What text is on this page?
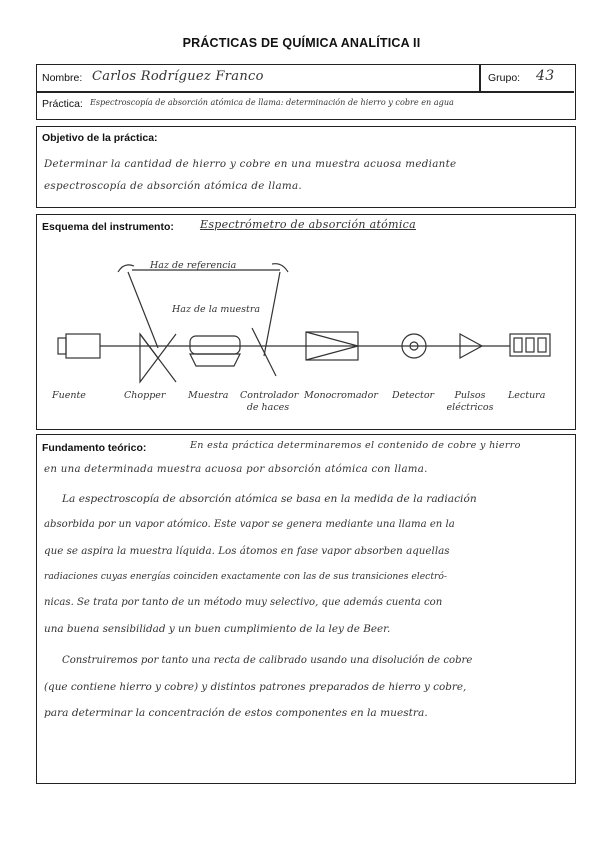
PRÁCTICAS DE QUÍMICA ANALÍTICA II
Nombre: Carlos Rodríguez Franco	Grupo: 43
Práctica: Espectroscopía de absorción atómica de llama: determinación de hierro y cobre en agua
Objetivo de la práctica:
Determinar la cantidad de hierro y cobre en una muestra acuosa mediante
espectroscopía de absorción atómica de llama.
Esquema del instrumento: Espectrómetro de absorción atómica
Haz de referencia
Haz de la muestra
Fuente	Chopper Muestra Controlador de haces
Monocromador Detector	Pulsos eléctricos
Lectura
Fundamento teórico:	En esta práctica determinaremos el contenido de cobre y hierro
en una determinada muestra acuosa por absorción atómica con llama.
La espectroscopía de absorción atómica se basa en la medida de la radiación
absorbida por un vapor atómico. Este vapor se genera mediante una llama en la
que se aspira la muestra líquida. Los átomos en fase vapor absorben aquellas
radiaciones cuyas energías coinciden exactamente con las de sus transiciones electró-
nicas. Se trata por tanto de un método muy selectivo, que además cuenta con
una buena sensibilidad y un buen cumplimiento de la ley de Beer.
Construiremos por tanto una recta de calibrado usando una disolución de cobre
(que contiene hierro y cobre) y distintos patrones preparados de hierro y cobre,
para determinar la concentración de estos componentes en la muestra.
